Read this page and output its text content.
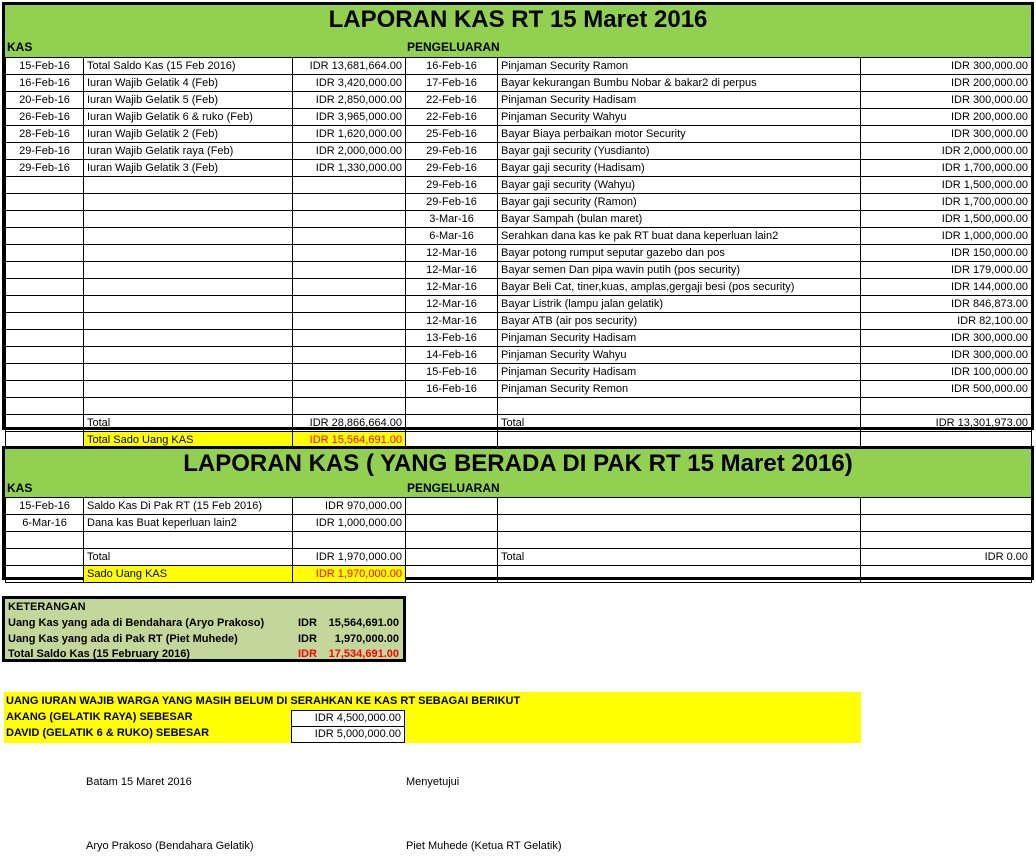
LAPORAN KAS RT 15 Maret 2016
KAS	PENGELUARAN
15-Feb-16	Total Saldo Kas (15 Feb 2016)	IDR 13,681,664.00	16-Feb-16	Pinjaman Security Ramon	IDR 300,000.00
16-Feb-16	Iuran Wajib Gelatik 4 (Feb)	IDR 3,420,000.00	17-Feb-16	Bayar kekurangan Bumbu Nobar & bakar2 di perpus	IDR 200,000.00
20-Feb-16	Iuran Wajib Gelatik 5 (Feb)	IDR 2,850,000.00	22-Feb-16	Pinjaman Security Hadisam	IDR 300,000.00
26-Feb-16	Iuran Wajib Gelatik 6 & ruko (Feb)	IDR 3,965,000.00	22-Feb-16	Pinjaman Security Wahyu	IDR 200,000.00
28-Feb-16	Iuran Wajib Gelatik 2 (Feb)	IDR 1,620,000.00	25-Feb-16	Bayar Biaya perbaikan motor Security	IDR 300,000.00
29-Feb-16	Iuran Wajib Gelatik raya (Feb)	IDR 2,000,000.00	29-Feb-16	Bayar gaji security (Yusdianto)	IDR 2,000,000.00
29-Feb-16	Iuran Wajib Gelatik 3 (Feb)	IDR 1,330,000.00	29-Feb-16	Bayar gaji security (Hadisam)	IDR 1,700,000.00
			29-Feb-16	Bayar gaji security (Wahyu)	IDR 1,500,000.00
			29-Feb-16	Bayar gaji security (Ramon)	IDR 1,700,000.00
			3-Mar-16	Bayar Sampah (bulan maret)	IDR 1,500,000.00
			6-Mar-16	Serahkan dana kas ke pak RT buat dana keperluan lain2	IDR 1,000,000.00
			12-Mar-16	Bayar potong rumput seputar gazebo dan pos	IDR 150,000.00
			12-Mar-16	Bayar semen Dan pipa wavin putih (pos security)	IDR 179,000.00
			12-Mar-16	Bayar Beli Cat, tiner,kuas, amplas,gergaji besi (pos security)	IDR 144,000.00
			12-Mar-16	Bayar Listrik (lampu jalan gelatik)	IDR 846,873.00
			12-Mar-16	Bayar ATB (air pos security)	IDR 82,100.00
			13-Feb-16	Pinjaman Security Hadisam	IDR 300,000.00
			14-Feb-16	Pinjaman Security Wahyu	IDR 300,000.00
			15-Feb-16	Pinjaman Security Hadisam	IDR 100,000.00
			16-Feb-16	Pinjaman Security Remon	IDR 500,000.00

	Total	IDR 28,866,664.00		Total	IDR 13,301,973.00
	Total Sado Uang KAS	IDR 15,564,691.00			
LAPORAN KAS ( YANG BERADA DI PAK RT 15 Maret 2016)
KAS	PENGELUARAN
15-Feb-16	Saldo Kas Di Pak RT (15 Feb 2016)	IDR 970,000.00			
6-Mar-16	Dana kas Buat keperluan lain2	IDR 1,000,000.00			

	Total	IDR 1,970,000.00		Total	IDR 0.00
	Sado Uang KAS	IDR 1,970,000.00			
KETERANGAN
Uang Kas yang ada di Bendahara (Aryo Prakoso)	IDR 15,564,691.00
Uang Kas yang ada di Pak RT (Piet Muhede)	IDR 1,970,000.00
Total Saldo Kas (15 February 2016)	IDR 17,534,691.00
UANG IURAN WAJIB WARGA YANG MASIH BELUM DI SERAHKAN KE KAS RT SEBAGAI BERIKUT
AKANG (GELATIK RAYA) SEBESAR	IDR 4,500,000.00
DAVID (GELATIK 6 & RUKO) SEBESAR	IDR 5,000,000.00
Batam 15 Maret 2016	Menyetujui
Aryo Prakoso (Bendahara Gelatik)	Piet Muhede (Ketua RT Gelatik)
